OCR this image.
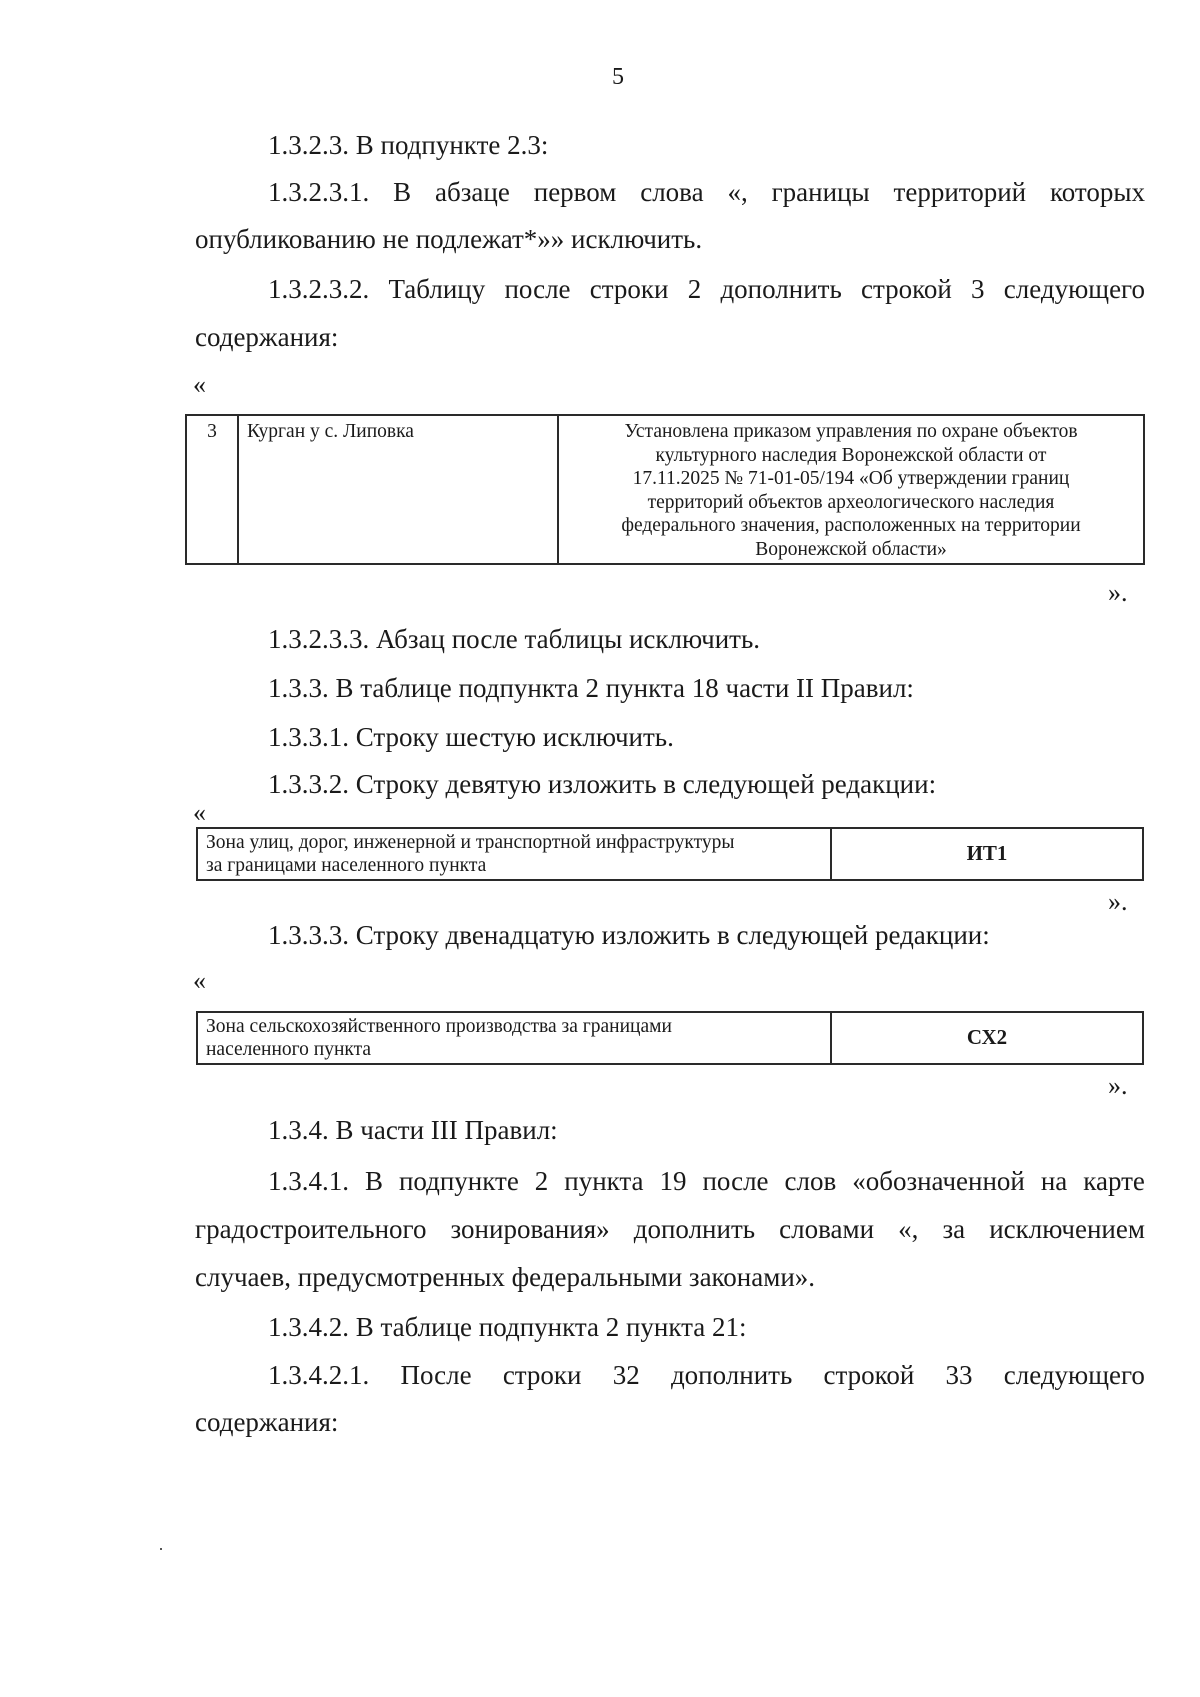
5
1.3.2.3. В подпункте 2.3:
1.3.2.3.1. В абзаце первом слова «, границы территорий которых
опубликованию не подлежат*»» исключить.
1.3.2.3.2. Таблицу после строки 2 дополнить строкой 3 следующего
содержания:
«
3	Курган у с. Липовка	Установлена приказом управления по охране объектов
культурного наследия Воронежской области от
17.11.2025 № 71-01-05/194 «Об утверждении границ
территорий объектов археологического наследия
федерального значения, расположенных на территории
Воронежской области»
».
1.3.2.3.3. Абзац после таблицы исключить.
1.3.3. В таблице подпункта 2 пункта 18 части II Правил:
1.3.3.1. Строку шестую исключить.
1.3.3.2. Строку девятую изложить в следующей редакции:
«
Зона улиц, дорог, инженерной и транспортной инфраструктуры
за границами населенного пункта
	ИТ1
».
1.3.3.3. Строку двенадцатую изложить в следующей редакции:
«
Зона сельскохозяйственного производства за границами
населенного пункта
	СХ2
».
1.3.4. В части III Правил:
1.3.4.1. В подпункте 2 пункта 19 после слов «обозначенной на карте
градостроительного зонирования» дополнить словами «, за исключением
случаев, предусмотренных федеральными законами».
1.3.4.2. В таблице подпункта 2 пункта 21:
1.3.4.2.1. После строки 32 дополнить строкой 33 следующего
содержания:
